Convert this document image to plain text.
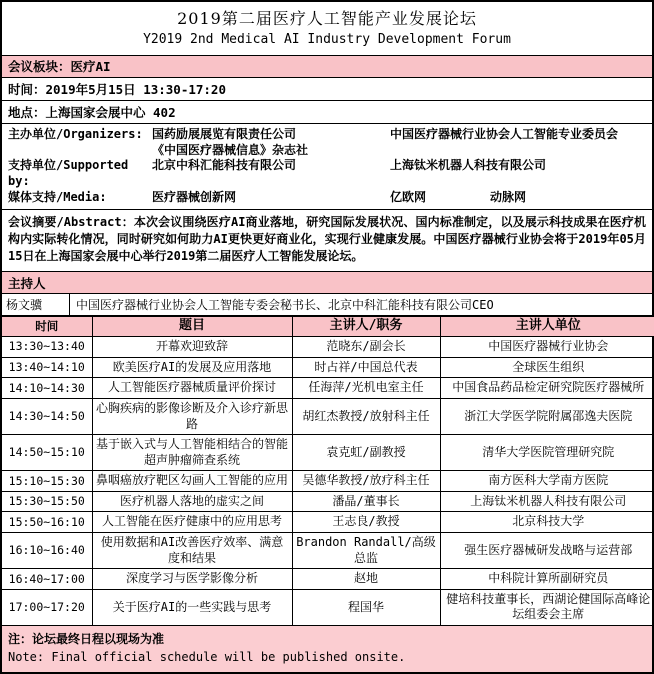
2019第二届医疗人工智能产业发展论坛
Y2019 2nd Medical AI Industry Development Forum
会议板块：医疗AI
时间：2019年5月15日 13:30-17:20
地点：上海国家会展中心 402
主办单位/Organizers: 国药励展展览有限责任公司	中国医疗器械行业协会人工智能专业委员会
《中国医疗器械信息》杂志社
支持单位/Supported by:
北京中科汇能科技有限公司	上海钛米机器人科技有限公司
媒体支持/Media:	医疗器械创新网	亿欧网	动脉网
会议摘要/Abstract：本次会议围绕医疗AI商业落地，研究国际发展状况、国内标准制定，以及展示科技成果在医疗机构内实际转化情况，同时研究如何助力AI更快更好商业化，实现行业健康发展。中国医疗器械行业协会将于2019年05月15日在上海国家会展中心举行2019第二届医疗人工智能发展论坛。
主持人
杨文骥	中国医疗器械行业协会人工智能专委会秘书长、北京中科汇能科技有限公司CEO
时间	题目	主讲人/职务	主讲人单位
13:30~13:40	开幕欢迎致辞	范晓东/副会长	中国医疗器械行业协会
13:40~14:10	欧美医疗AI的发展及应用落地	时占祥/中国总代表	全球医生组织
14:10~14:30	人工智能医疗器械质量评价探讨	任海萍/光机电室主任	中国食品药品检定研究院医疗器械所
14:30~14:50	心胸疾病的影像诊断及介入诊疗新思路	胡红杰教授/放射科主任	浙江大学医学院附属邵逸夫医院
14:50~15:10	基于嵌入式与人工智能相结合的智能超声肿瘤筛查系统	袁克虹/副教授	清华大学医院管理研究院
15:10~15:30	鼻咽癌放疗靶区勾画人工智能的应用	吴德华教授/放疗科主任	南方医科大学南方医院
15:30~15:50	医疗机器人落地的虚实之间	潘晶/董事长	上海钛米机器人科技有限公司
15:50~16:10	人工智能在医疗健康中的应用思考	王志良/教授	北京科技大学
16:10~16:40	使用数据和AI改善医疗效率、满意度和结果	Brandon Randall/高级总监	强生医疗器械研发战略与运营部
16:40~17:00	深度学习与医学影像分析	赵地	中科院计算所副研究员
17:00~17:20	关于医疗AI的一些实践与思考	程国华	健培科技董事长，西湖论健国际高峰论坛组委会主席
注：论坛最终日程以现场为准
Note: Final official schedule will be published onsite.
